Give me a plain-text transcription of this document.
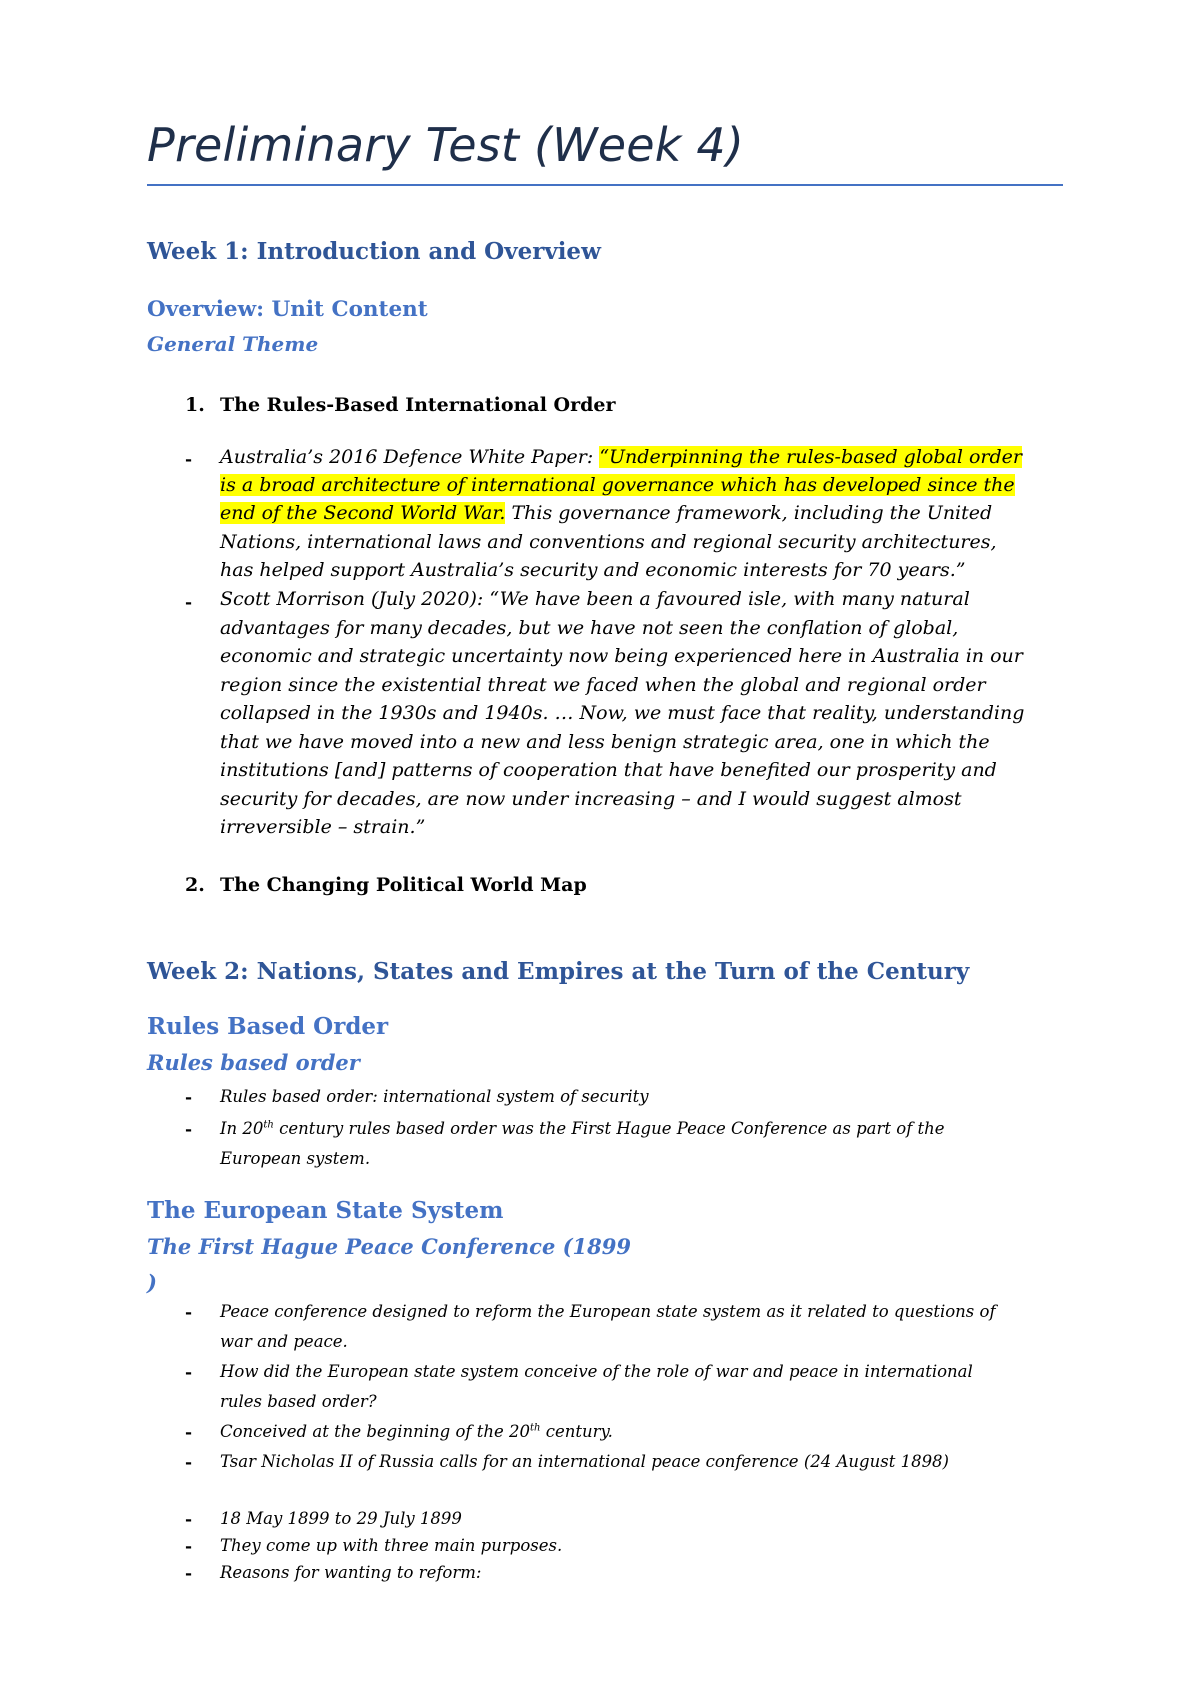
Preliminary Test (Week 4)
Week 1: Introduction and Overview
Overview: Unit Content
General Theme
1. The Rules-Based International Order
- Australia’s 2016 Defence White Paper: “Underpinning the rules-based global order
is a broad architecture of international governance which has developed since the
end of the Second World War. This governance framework, including the United
Nations, international laws and conventions and regional security architectures,
has helped support Australia’s security and economic interests for 70 years.”
- Scott Morrison (July 2020): “We have been a favoured isle, with many natural
advantages for many decades, but we have not seen the conflation of global,
economic and strategic uncertainty now being experienced here in Australia in our
region since the existential threat we faced when the global and regional order
collapsed in the 1930s and 1940s. … Now, we must face that reality, understanding
that we have moved into a new and less benign strategic area, one in which the
institutions [and] patterns of cooperation that have benefited our prosperity and
security for decades, are now under increasing – and I would suggest almost
irreversible – strain.”
2. The Changing Political World Map
Week 2: Nations, States and Empires at the Turn of the Century
Rules Based Order
Rules based order
- Rules based order: international system of security
- In 20th century rules based order was the First Hague Peace Conference as part of the
European system.
The European State System
The First Hague Peace Conference (1899
)
- Peace conference designed to reform the European state system as it related to questions of
war and peace.
- How did the European state system conceive of the role of war and peace in international
rules based order?
- Conceived at the beginning of the 20th century.
- Tsar Nicholas II of Russia calls for an international peace conference (24 August 1898)
- 18 May 1899 to 29 July 1899
- They come up with three main purposes.
- Reasons for wanting to reform:
